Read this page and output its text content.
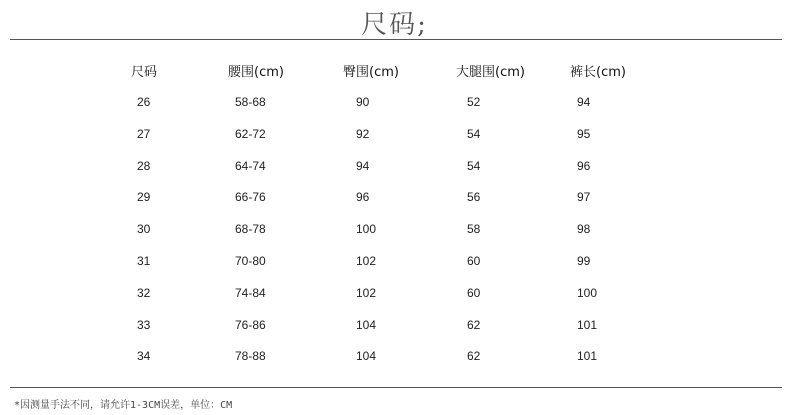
尺码;
尺码	腰围(cm)	臀围(cm)	大腿围(cm)	裤长(cm)
26	58-68	90	52	94
27	62-72	92	54	95
28	64-74	94	54	96
29	66-76	96	56	97
30	68-78	100	58	98
31	70-80	102	60	99
32	74-84	102	60	100
33	76-86	104	62	101
34	78-88	104	62	101
*因测量手法不同，请允许1-3CM误差，单位：CM
